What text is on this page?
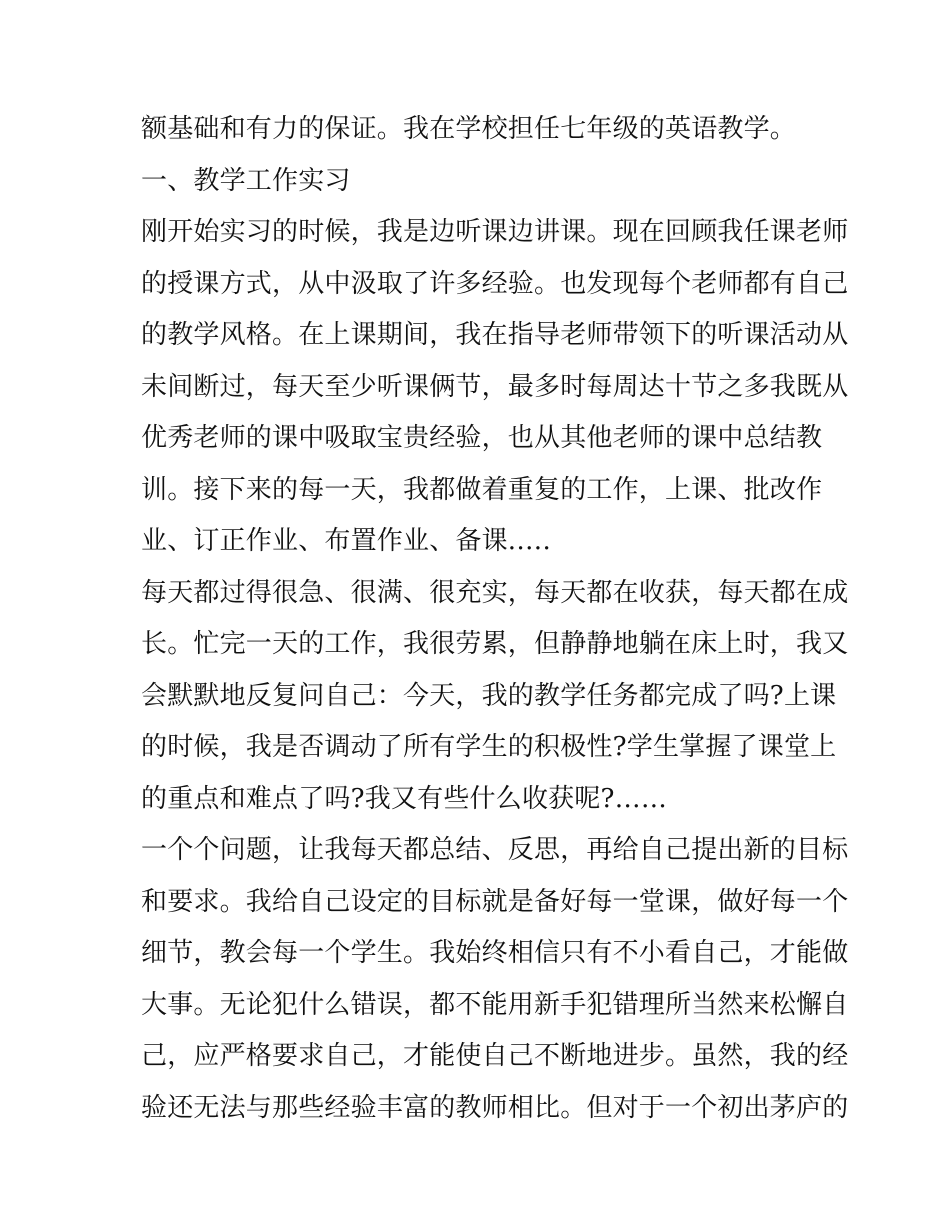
额基础和有力的保证。我在学校担任七年级的英语教学。
一、教学工作实习
刚开始实习的时候，我是边听课边讲课。现在回顾我任课老师
的授课方式，从中汲取了许多经验。也发现每个老师都有自己
的教学风格。在上课期间，我在指导老师带领下的听课活动从
未间断过，每天至少听课俩节，最多时每周达十节之多我既从
优秀老师的课中吸取宝贵经验，也从其他老师的课中总结教
训。接下来的每一天，我都做着重复的工作，上课、批改作
业、订正作业、布置作业、备课.….
每天都过得很急、很满、很充实，每天都在收获，每天都在成
长。忙完一天的工作，我很劳累，但静静地躺在床上时，我又
会默默地反复问自己：今天，我的教学任务都完成了吗?上课
的时候，我是否调动了所有学生的积极性?学生掌握了课堂上
的重点和难点了吗?我又有些什么收获呢?……
一个个问题，让我每天都总结、反思，再给自己提出新的目标
和要求。我给自己设定的目标就是备好每一堂课，做好每一个
细节，教会每一个学生。我始终相信只有不小看自己，才能做
大事。无论犯什么错误，都不能用新手犯错理所当然来松懈自
己，应严格要求自己，才能使自己不断地进步。虽然，我的经
验还无法与那些经验丰富的教师相比。但对于一个初出茅庐的
